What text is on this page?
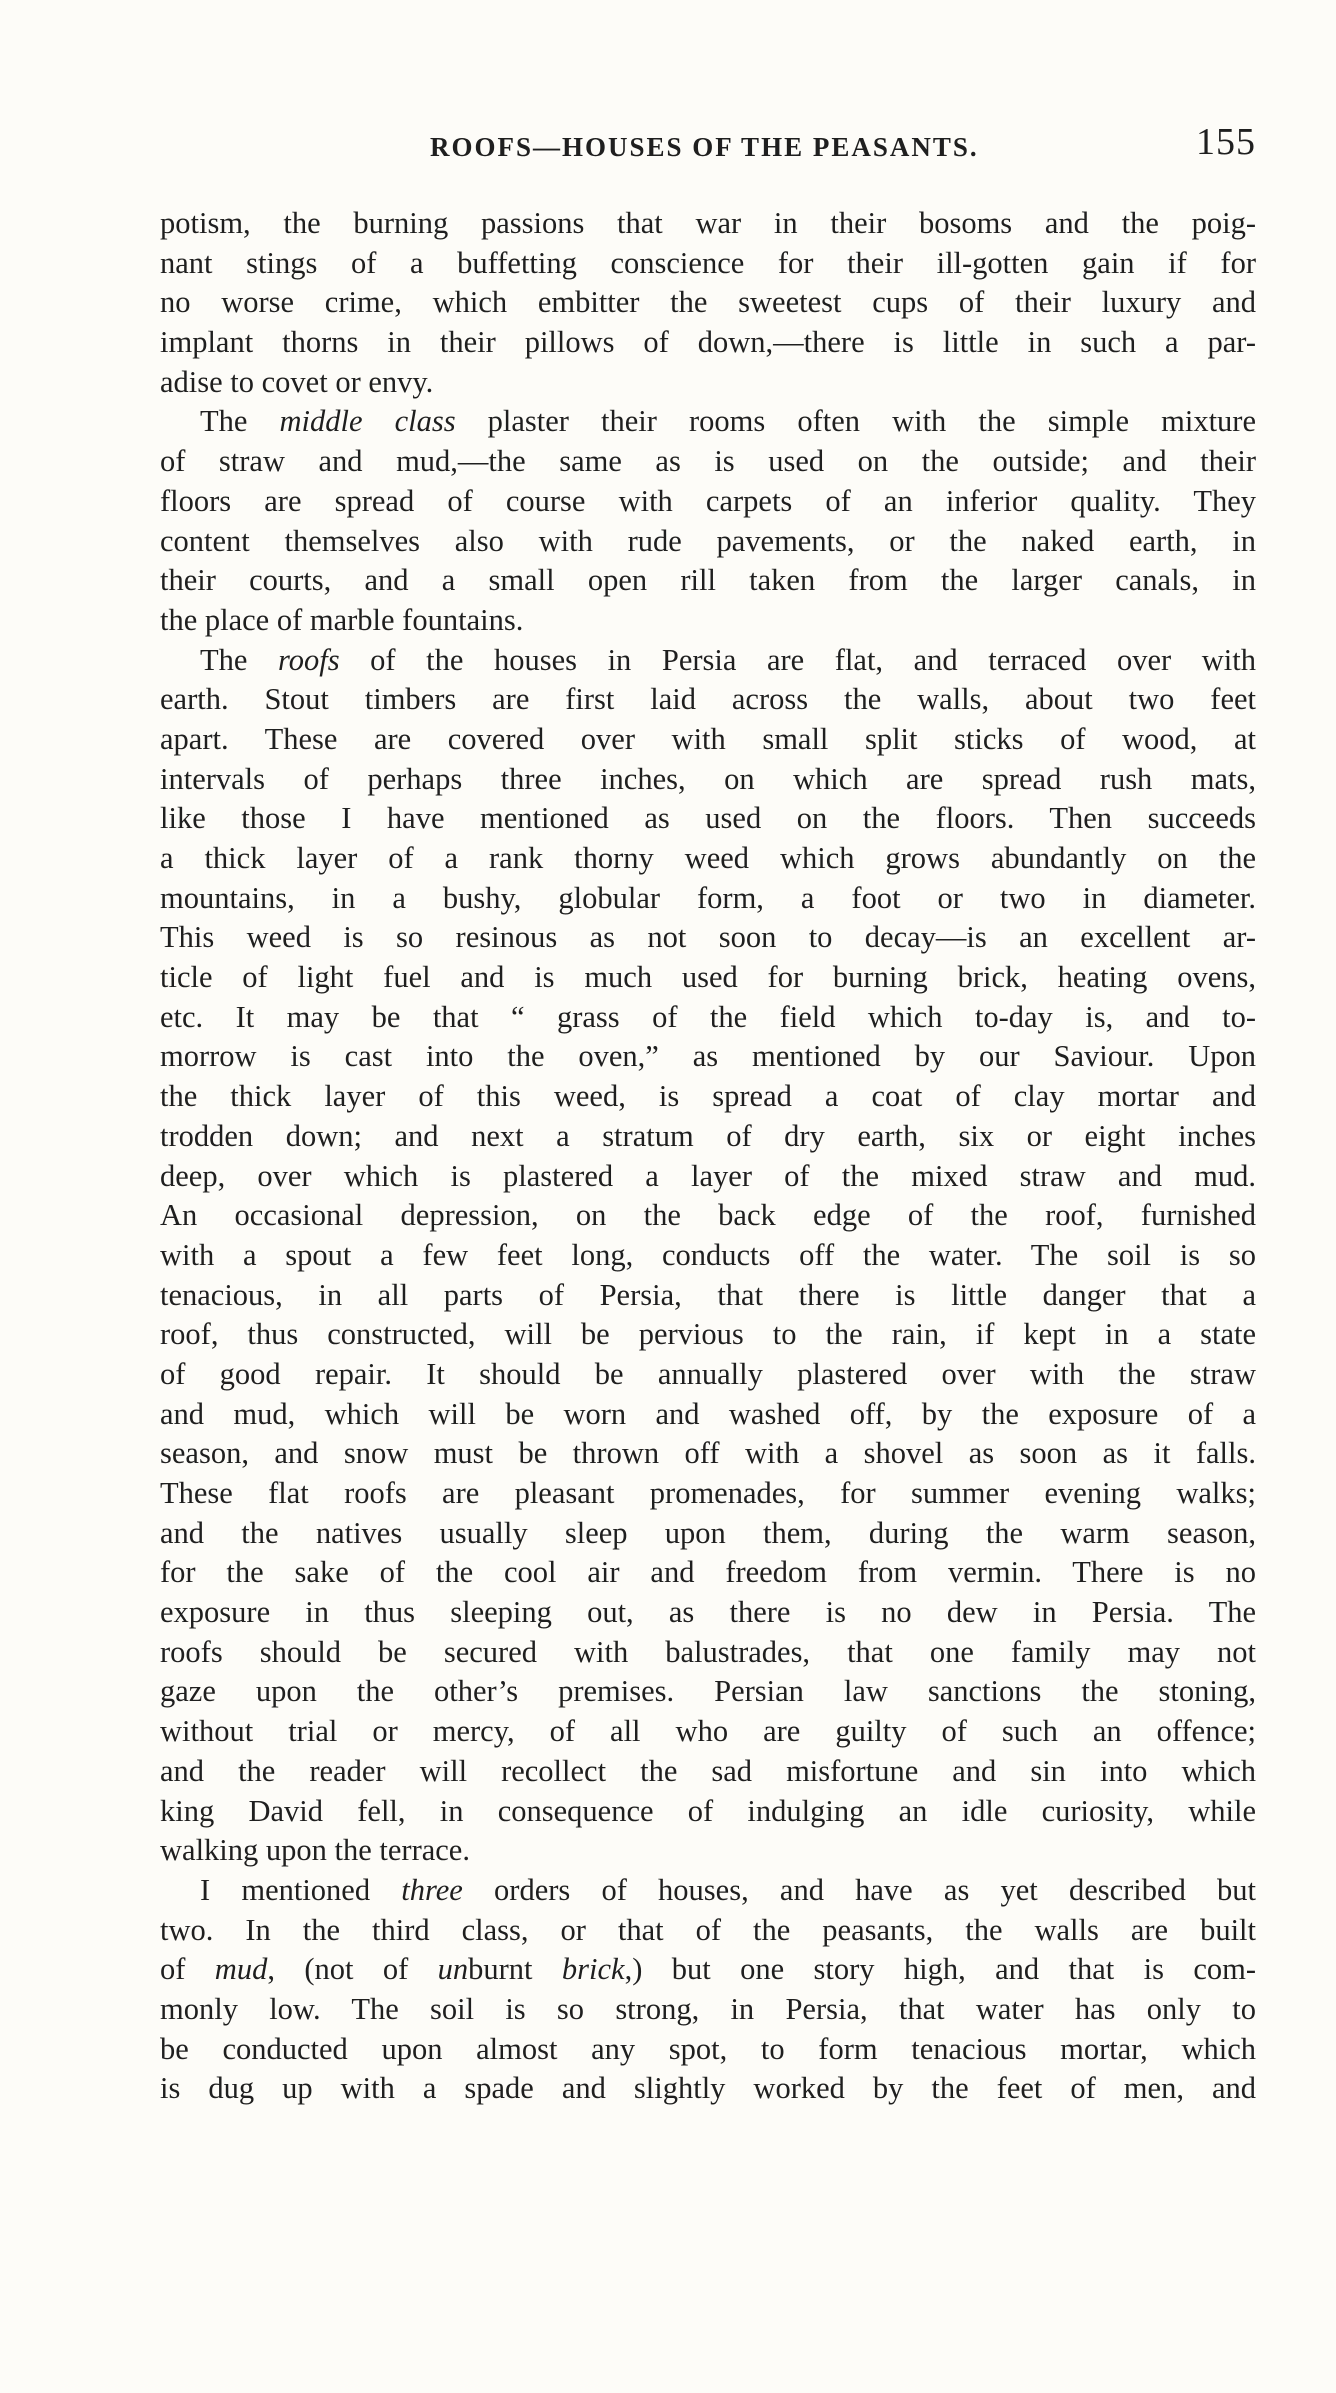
ROOFS—HOUSES OF THE PEASANTS.	155
potism, the burning passions that war in their bosoms and the poig-
nant stings of a buffetting conscience for their ill-gotten gain if for
no worse crime, which embitter the sweetest cups of their luxury and
implant thorns in their pillows of down,—there is little in such a par-
adise to covet or envy.
The middle class plaster their rooms often with the simple mixture
of straw and mud,—the same as is used on the outside; and their
floors are spread of course with carpets of an inferior quality. They
content themselves also with rude pavements, or the naked earth, in
their courts, and a small open rill taken from the larger canals, in
the place of marble fountains.
The roofs of the houses in Persia are flat, and terraced over with
earth. Stout timbers are first laid across the walls, about two feet
apart. These are covered over with small split sticks of wood, at
intervals of perhaps three inches, on which are spread rush mats,
like those I have mentioned as used on the floors. Then succeeds
a thick layer of a rank thorny weed which grows abundantly on the
mountains, in a bushy, globular form, a foot or two in diameter.
This weed is so resinous as not soon to decay—is an excellent ar-
ticle of light fuel and is much used for burning brick, heating ovens,
etc. It may be that “ grass of the field which to-day is, and to-
morrow is cast into the oven,” as mentioned by our Saviour. Upon
the thick layer of this weed, is spread a coat of clay mortar and
trodden down; and next a stratum of dry earth, six or eight inches
deep, over which is plastered a layer of the mixed straw and mud.
An occasional depression, on the back edge of the roof, furnished
with a spout a few feet long, conducts off the water. The soil is so
tenacious, in all parts of Persia, that there is little danger that a
roof, thus constructed, will be pervious to the rain, if kept in a state
of good repair. It should be annually plastered over with the straw
and mud, which will be worn and washed off, by the exposure of a
season, and snow must be thrown off with a shovel as soon as it falls.
These flat roofs are pleasant promenades, for summer evening walks;
and the natives usually sleep upon them, during the warm season,
for the sake of the cool air and freedom from vermin. There is no
exposure in thus sleeping out, as there is no dew in Persia. The
roofs should be secured with balustrades, that one family may not
gaze upon the other’s premises. Persian law sanctions the stoning,
without trial or mercy, of all who are guilty of such an offence;
and the reader will recollect the sad misfortune and sin into which
king David fell, in consequence of indulging an idle curiosity, while
walking upon the terrace.
I mentioned three orders of houses, and have as yet described but
two. In the third class, or that of the peasants, the walls are built
of mud, (not of unburnt brick,) but one story high, and that is com-
monly low. The soil is so strong, in Persia, that water has only to
be conducted upon almost any spot, to form tenacious mortar, which
is dug up with a spade and slightly worked by the feet of men, and
